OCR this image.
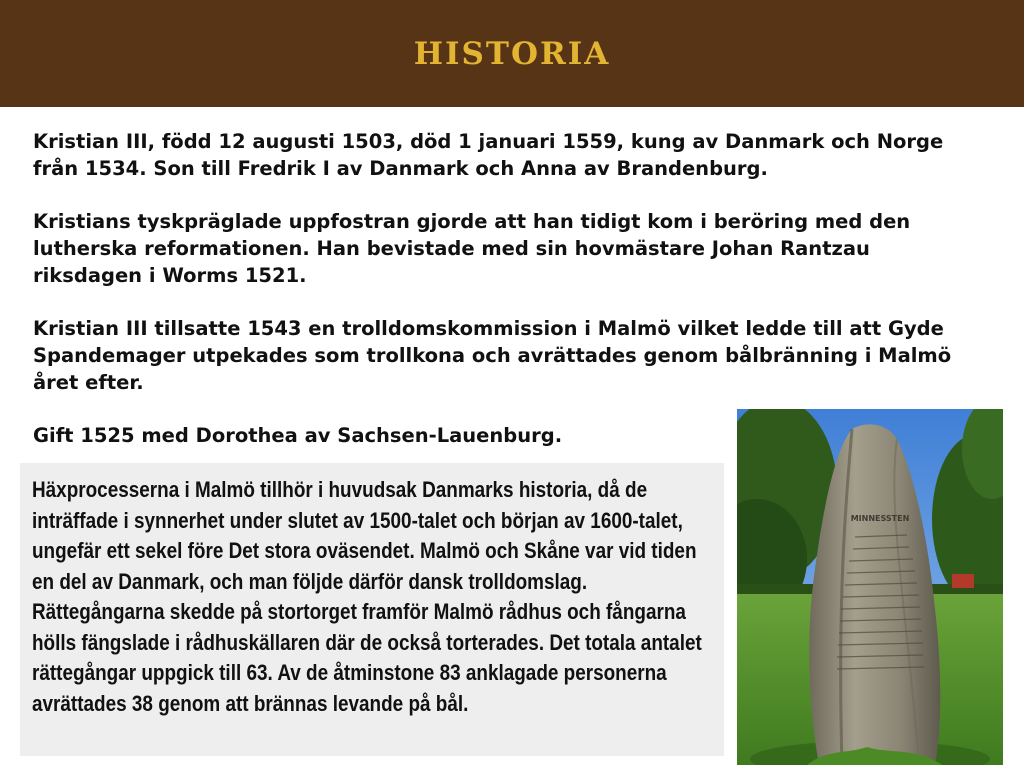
HISTORIA

Kristian III, född 12 augusti 1503, död 1 januari 1559, kung av Danmark och Norge från 1534. Son till Fredrik I av Danmark och Anna av Brandenburg.

Kristians tyskpräglade uppfostran gjorde att han tidigt kom i beröring med den lutherska reformationen. Han bevistade med sin hovmästare Johan Rantzau riksdagen i Worms 1521.

Kristian III tillsatte 1543 en trolldomskommission i Malmö vilket ledde till att Gyde Spandemager utpekades som trollkona och avrättades genom bålbränning i Malmö året efter.

Gift 1525 med Dorothea av Sachsen-Lauenburg.

Häxprocesserna i Malmö tillhör i huvudsak Danmarks historia, då de inträffade i synnerhet under slutet av 1500-talet och början av 1600-talet, ungefär ett sekel före Det stora oväsendet. Malmö och Skåne var vid tiden en del av Danmark, och man följde därför dansk trolldomslag. Rättegångarna skedde på stortorget framför Malmö rådhus och fångarna hölls fängslade i rådhuskällaren där de också torterades. Det totala antalet rättegångar uppgick till 63. Av de åtminstone 83 anklagade personerna avrättades 38 genom att brännas levande på bål.
MINNESSTEN
